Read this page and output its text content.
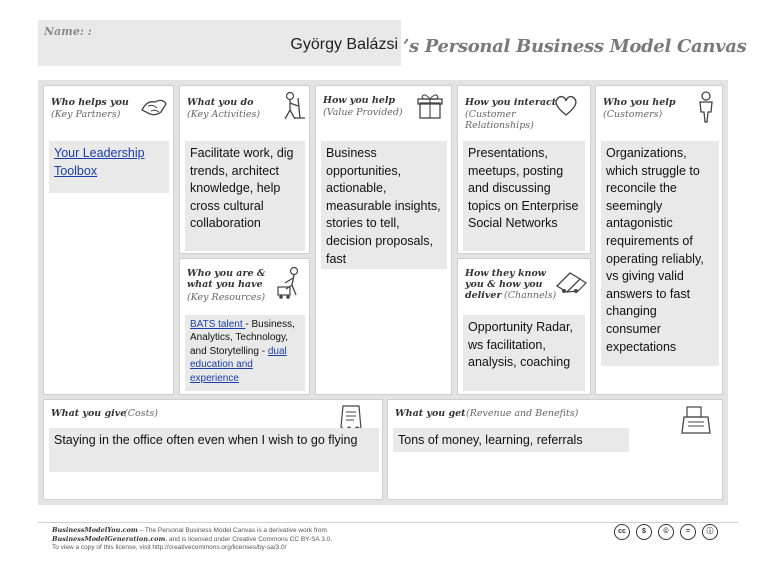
Name: :
György Balázsi ’s Personal Business Model Canvas
Who helps you
(Key Partners)
Your Leadership Toolbox
What you do
(Key Activities)
Facilitate work, dig trends, architect knowledge, help cross cultural collaboration
Who you are &
what you have
(Key Resources)
BATS talent - Business, Analytics, Technology, and Storytelling - dual education and experience
How you help
(Value Provided)
Business opportunities, actionable, measurable insights, stories to tell, decision proposals, fast
How you interact
(Customer
Relationships)
Presentations, meetups, posting and discussing topics on Enterprise Social Networks
How they know
you & how you
deliver (Channels)
Opportunity Radar, ws facilitation, analysis, coaching
Who you help
(Customers)
Organizations, which struggle to reconcile the seemingly antagonistic requirements of operating reliably, vs giving valid answers to fast changing consumer expectations
What you give
(Costs)
Staying in the office often even when I wish to go flying
What you get (Revenue and Benefits)
Tons of money, learning, referrals
BusinessModelYou.com – The Personal Business Model Canvas is a derivative work from
BusinessModelGeneration.com, and is licensed under Creative Commons CC BY-SA 3.0.
To view a copy of this license, visit http://creativecommons.org/licenses/by-sa/3.0/
cc	$	©	=	ⓘ
